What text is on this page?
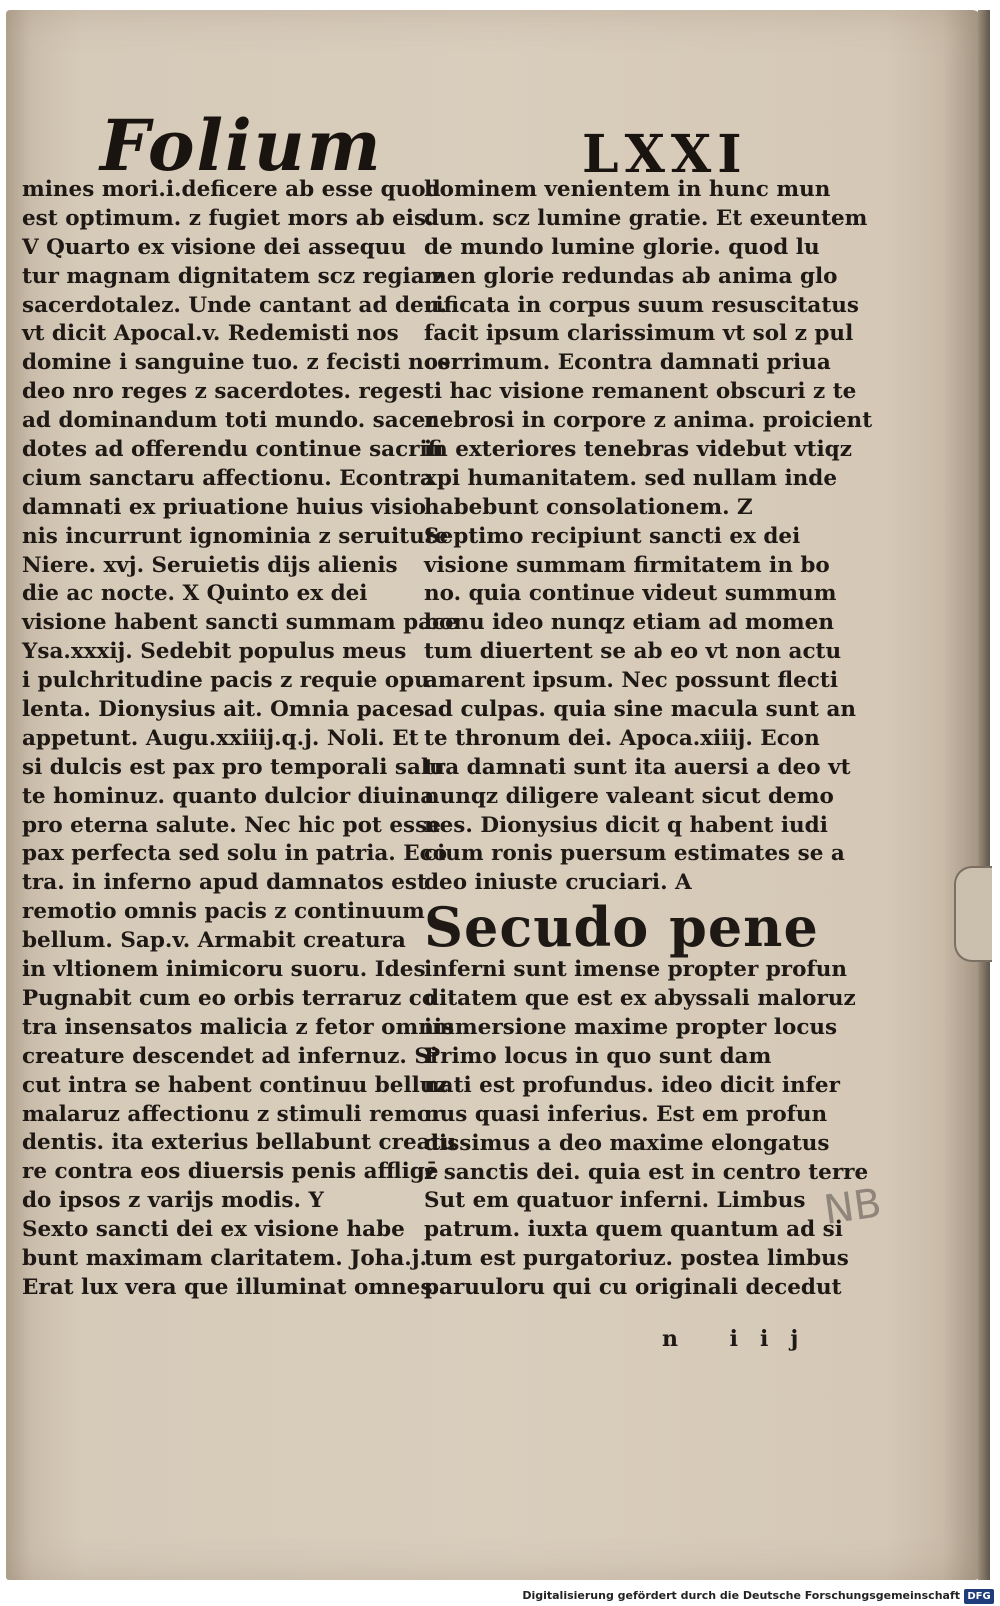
Folium	LXXI
mines mori.i.deficere ab esse quod
est optimum. z fugiet mors ab eis.
V Quarto ex visione dei assequu
tur magnam dignitatem scz regia z
sacerdotalez. Unde cantant ad deu.
vt dicit Apocal.v. Redemisti nos
domine i sanguine tuo. z fecisti nos
deo nro reges z sacerdotes. reges
ad dominandum toti mundo. sacer
dotes ad offerendu continue sacrifi
cium sanctaru affectionu. Econtra
damnati ex priuatione huius visio
nis incurrunt ignominia z seruitute
Niere. xvj. Seruietis dijs alienis
die ac nocte. X Quinto ex dei
visione habent sancti summam pace
Ysa.xxxij. Sedebit populus meus
i pulchritudine pacis z requie opu
lenta. Dionysius ait. Omnia paces
appetunt. Augu.xxiiij.q.j. Noli. Et
si dulcis est pax pro temporali salu
te hominuz. quanto dulcior diuina
pro eterna salute. Nec hic pot esse
pax perfecta sed solu in patria. Eco
tra. in inferno apud damnatos est
remotio omnis pacis z continuum
bellum. Sap.v. Armabit creatura
in vltionem inimicoru suoru. Ides
Pugnabit cum eo orbis terraruz co
tra insensatos malicia z fetor omnis
creature descendet ad infernuz. Si
cut intra se habent continuu belluz
malaruz affectionu z stimuli remor
dentis. ita exterius bellabunt creatu
re contra eos diuersis penis affligē
do ipsos z varijs modis. Y
Sexto sancti dei ex visione habe
bunt maximam claritatem. Joha.j.
Erat lux vera que illuminat omnes
hominem venientem in hunc mun
dum. scz lumine gratie. Et exeuntem
de mundo lumine glorie. quod lu
men glorie redundas ab anima glo
rificata in corpus suum resuscitatus
facit ipsum clarissimum vt sol z pul
cerrimum. Econtra damnati priua
ti hac visione remanent obscuri z te
nebrosi in corpore z anima. proicient
in exteriores tenebras videbut vtiqz
xpi humanitatem. sed nullam inde
habebunt consolationem. Z
Septimo recipiunt sancti ex dei
visione summam firmitatem in bo
no. quia continue videut summum
bonu ideo nunqz etiam ad momen
tum diuertent se ab eo vt non actu
amarent ipsum. Nec possunt flecti
ad culpas. quia sine macula sunt an
te thronum dei. Apoca.xiiij. Econ
tra damnati sunt ita auersi a deo vt
nunqz diligere valeant sicut demo
nes. Dionysius dicit q habent iudi
cium ronis puersum estimates se a
deo iniuste cruciari. A
Secudo pene
inferni sunt imense propter profun
ditatem que est ex abyssali maloruz
immersione maxime propter locus
Primo locus in quo sunt dam
nati est profundus. ideo dicit infer
nus quasi inferius. Est em profun
dissimus a deo maxime elongatus
z sanctis dei. quia est in centro terre
Sut em quatuor inferni. Limbus
patrum. iuxta quem quantum ad si
tum est purgatoriuz. postea limbus
paruuloru qui cu originali decedut
NB
n iij
Digitalisierung gefördert durch die Deutsche Forschungsgemeinschaft DFG
